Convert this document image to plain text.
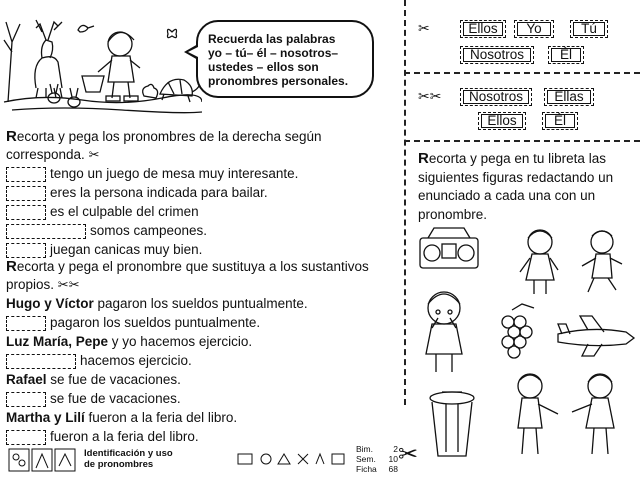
Recuerda las palabras
yo – tú– él – nosotros–
ustedes – ellos son
pronombres personales.
Recorta y pega los pronombres de la derecha según
corresponda. ✂
tengo un juego de mesa muy interesante.
eres la persona indicada para bailar.
es el culpable del crimen
somos campeones.
juegan canicas muy bien.
Recorta y pega el pronombre que sustituya a los sustantivos
propios. ✂✂
Hugo y Víctor pagaron los sueldos puntualmente.
pagaron los sueldos puntualmente.
Luz María, Pepe y yo hacemos ejercicio.
hacemos ejercicio.
Rafael se fue de vacaciones.
se fue de vacaciones.
Martha y Lilí fueron a la feria del libro.
fueron a la feria del libro.
✂	Ellos	Yo	Tú
Nosotros	Él
✂✂	Nosotros	Ellas
Ellos	Él
Recorta y pega en tu libreta las siguientes figuras redactando un enunciado a cada una con un pronombre.
Identificación y uso
de pronombres
Bim. 2
Sem. 10
Ficha 68
✂
